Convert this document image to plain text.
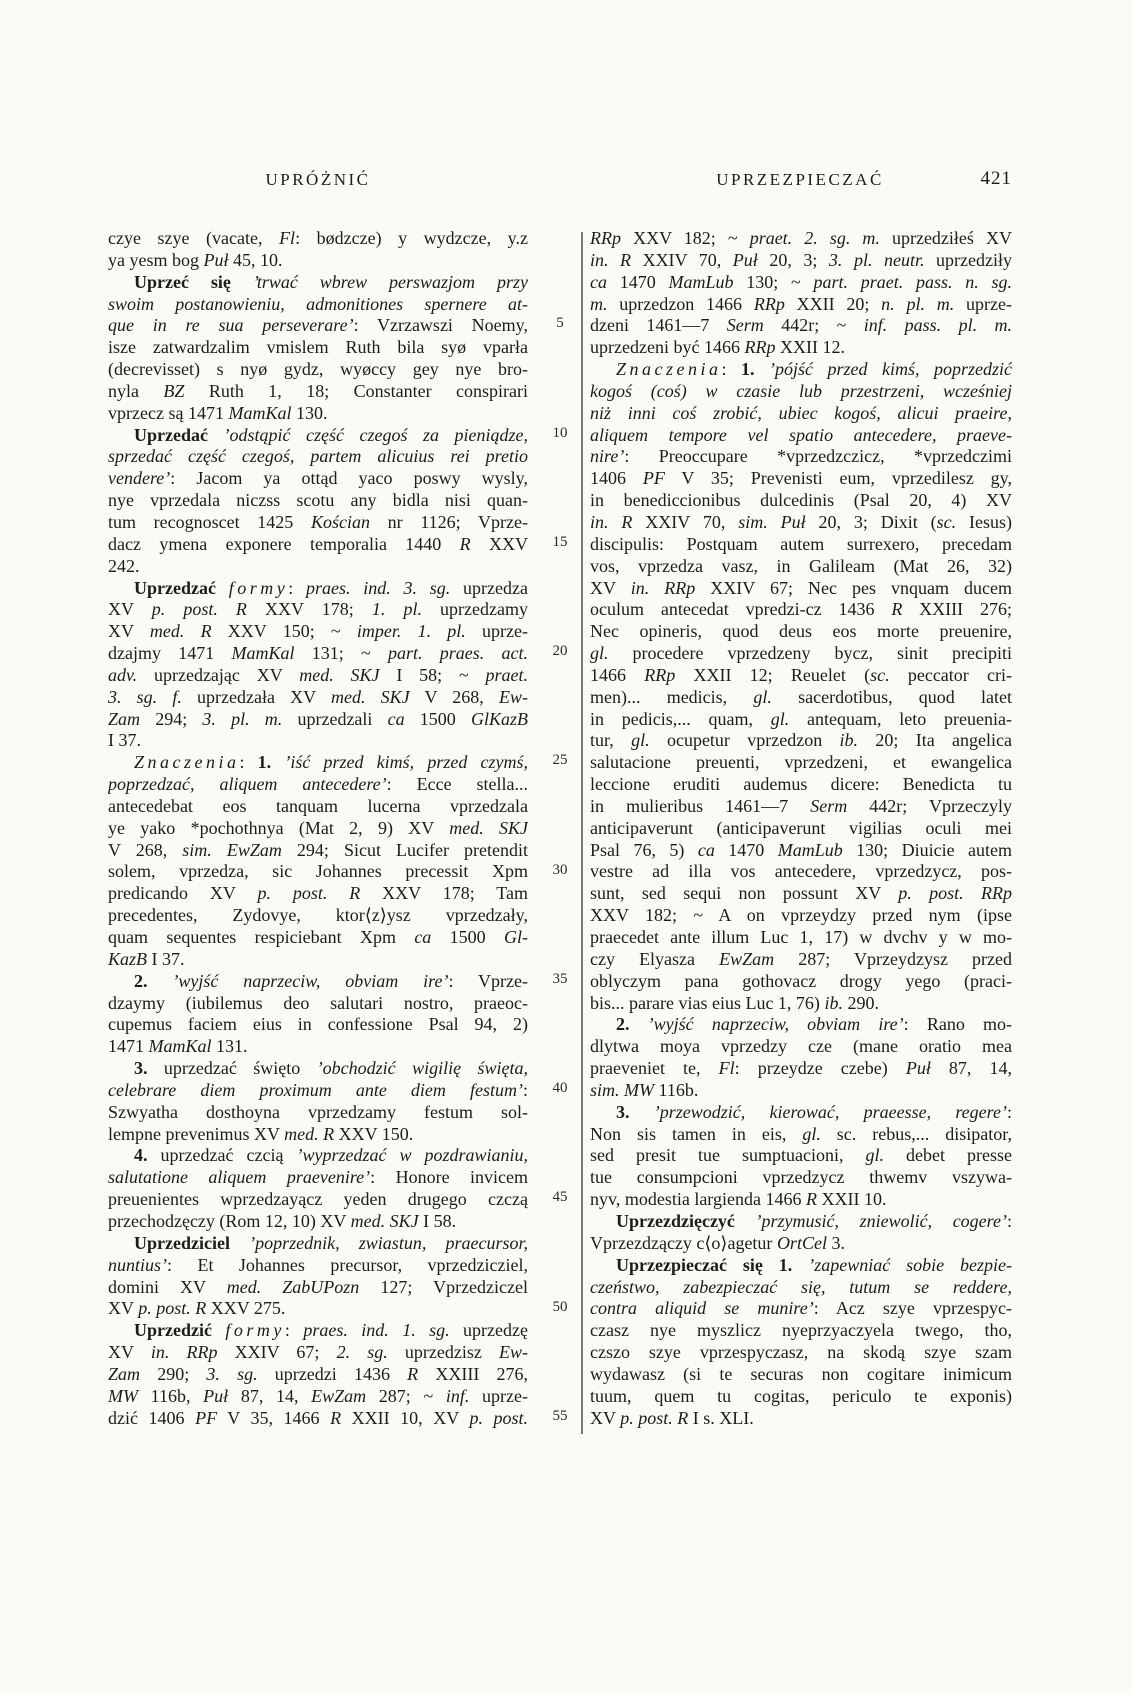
UPRÓŻNIĆ	UPRZEZPIECZAĆ	421
5
10
15
20
25
30
35
40
45
50
55
czye szye (vacate, Fl: bødzcze) y wydzcze, y.z
ya yesm bog Puł 45, 10.
Uprzeć się ’trwać wbrew perswazjom przy
swoim postanowieniu, admonitiones spernere at-
que in re sua perseverare’: Vzrzawszi Noemy,
isze zatwardzalim vmislem Ruth bila syø vparła
(decrevisset) s nyø gydz, wyøccy gey nye bro-
nyla BZ Ruth 1, 18; Constanter conspirari
vprzecz są 1471 MamKal 130.
Uprzedać ’odstąpić część czegoś za pieniądze,
sprzedać część czegoś, partem alicuius rei pretio
vendere’: Jacom ya ottąd yaco poswy wysly,
nye vprzedala niczss scotu any bidla nisi quan-
tum recognoscet 1425 Kościan nr 1126; Vprze-
dacz ymena exponere temporalia 1440 R XXV
242.
Uprzedzać formy: praes. ind. 3. sg. uprzedza
XV p. post. R XXV 178; 1. pl. uprzedzamy
XV med. R XXV 150; ~ imper. 1. pl. uprze-
dzajmy 1471 MamKal 131; ~ part. praes. act.
adv. uprzedzając XV med. SKJ I 58; ~ praet.
3. sg. f. uprzedzała XV med. SKJ V 268, Ew-
Zam 294; 3. pl. m. uprzedzali ca 1500 GlKazB
I 37.
Znaczenia: 1. ’iść przed kimś, przed czymś,
poprzedzać, aliquem antecedere’: Ecce stella...
antecedebat eos tanquam lucerna vprzedzala
ye yako *pochothnya (Mat 2, 9) XV med. SKJ
V 268, sim. EwZam 294; Sicut Lucifer pretendit
solem, vprzedza, sic Johannes precessit Xpm
predicando XV p. post. R XXV 178; Tam
precedentes, Zydovye, ktor⟨z⟩ysz vprzedzały,
quam sequentes respiciebant Xpm ca 1500 Gl-
KazB I 37.
2. ’wyjść naprzeciw, obviam ire’: Vprze-
dzaymy (iubilemus deo salutari nostro, praeoc-
cupemus faciem eius in confessione Psal 94, 2)
1471 MamKal 131.
3. uprzedzać święto ’obchodzić wigilię święta,
celebrare diem proximum ante diem festum’:
Szwyatha dosthoyna vprzedzamy festum sol-
lempne prevenimus XV med. R XXV 150.
4. uprzedzać czcią ’wyprzedzać w pozdrawianiu,
salutatione aliquem praevenire’: Honore invicem
preuenientes wprzedzayącz yeden drugego czczą
przechodzęczy (Rom 12, 10) XV med. SKJ I 58.
Uprzedziciel ’poprzednik, zwiastun, praecursor,
nuntius’: Et Johannes precursor, vprzedzicziel,
domini XV med. ZabUPozn 127; Vprzedziczel
XV p. post. R XXV 275.
Uprzedzić formy: praes. ind. 1. sg. uprzedzę
XV in. RRp XXIV 67; 2. sg. uprzedzisz Ew-
Zam 290; 3. sg. uprzedzi 1436 R XXIII 276,
MW 116b, Puł 87, 14, EwZam 287; ~ inf. uprze-
dzić 1406 PF V 35, 1466 R XXII 10, XV p. post.
RRp XXV 182; ~ praet. 2. sg. m. uprzedziłeś XV
in. R XXIV 70, Puł 20, 3; 3. pl. neutr. uprzedziły
ca 1470 MamLub 130; ~ part. praet. pass. n. sg.
m. uprzedzon 1466 RRp XXII 20; n. pl. m. uprze-
dzeni 1461—7 Serm 442r; ~ inf. pass. pl. m.
uprzedzeni być 1466 RRp XXII 12.
Znaczenia: 1. ’pójść przed kimś, poprzedzić
kogoś (coś) w czasie lub przestrzeni, wcześniej
niż inni coś zrobić, ubiec kogoś, alicui praeire,
aliquem tempore vel spatio antecedere, praeve-
nire’: Preoccupare *vprzedzczicz, *vprzedczimi
1406 PF V 35; Prevenisti eum, vprzedilesz gy,
in benediccionibus dulcedinis (Psal 20, 4) XV
in. R XXIV 70, sim. Puł 20, 3; Dixit (sc. Iesus)
discipulis: Postquam autem surrexero, precedam
vos, vprzedza vasz, in Galileam (Mat 26, 32)
XV in. RRp XXIV 67; Nec pes vnquam ducem
oculum antecedat vpredzi-cz 1436 R XXIII 276;
Nec opineris, quod deus eos morte preuenire,
gl. procedere vprzedzeny bycz, sinit precipiti
1466 RRp XXII 12; Reuelet (sc. peccator cri-
men)... medicis, gl. sacerdotibus, quod latet
in pedicis,... quam, gl. antequam, leto preuenia-
tur, gl. ocupetur vprzedzon ib. 20; Ita angelica
salutacione preuenti, vprzedzeni, et ewangelica
leccione eruditi audemus dicere: Benedicta tu
in mulieribus 1461—7 Serm 442r; Vprzeczyly
anticipaverunt (anticipaverunt vigilias oculi mei
Psal 76, 5) ca 1470 MamLub 130; Diuicie autem
vestre ad illa vos antecedere, vprzedzycz, pos-
sunt, sed sequi non possunt XV p. post. RRp
XXV 182; ~ A on vprzeydzy przed nym (ipse
praecedet ante illum Luc 1, 17) w dvchv y w mo-
czy Elyasza EwZam 287; Vprzeydzysz przed
oblyczym pana gothovacz drogy yego (praci-
bis... parare vias eius Luc 1, 76) ib. 290.
2. ’wyjść naprzeciw, obviam ire’: Rano mo-
dlytwa moya vprzedzy cze (mane oratio mea
praeveniet te, Fl: przeydze czebe) Puł 87, 14,
sim. MW 116b.
3. ’przewodzić, kierować, praeesse, regere’:
Non sis tamen in eis, gl. sc. rebus,... disipator,
sed presit tue sumptuacioni, gl. debet presse
tue consumpcioni vprzedzycz thwemv vszywa-
nyv, modestia largienda 1466 R XXII 10.
Uprzezdzięczyć ’przymusić, zniewolić, cogere’:
Vprzezdzączy c⟨o⟩agetur OrtCel 3.
Uprzezpieczać się 1. ’zapewniać sobie bezpie-
czeństwo, zabezpieczać się, tutum se reddere,
contra aliquid se munire’: Acz szye vprzespyc-
czasz nye myszlicz nyeprzyaczyela twego, tho,
czszo szye vprzespyczasz, na skodą szye szam
wydawasz (si te securas non cogitare inimicum
tuum, quem tu cogitas, periculo te exponis)
XV p. post. R I s. XLI.
